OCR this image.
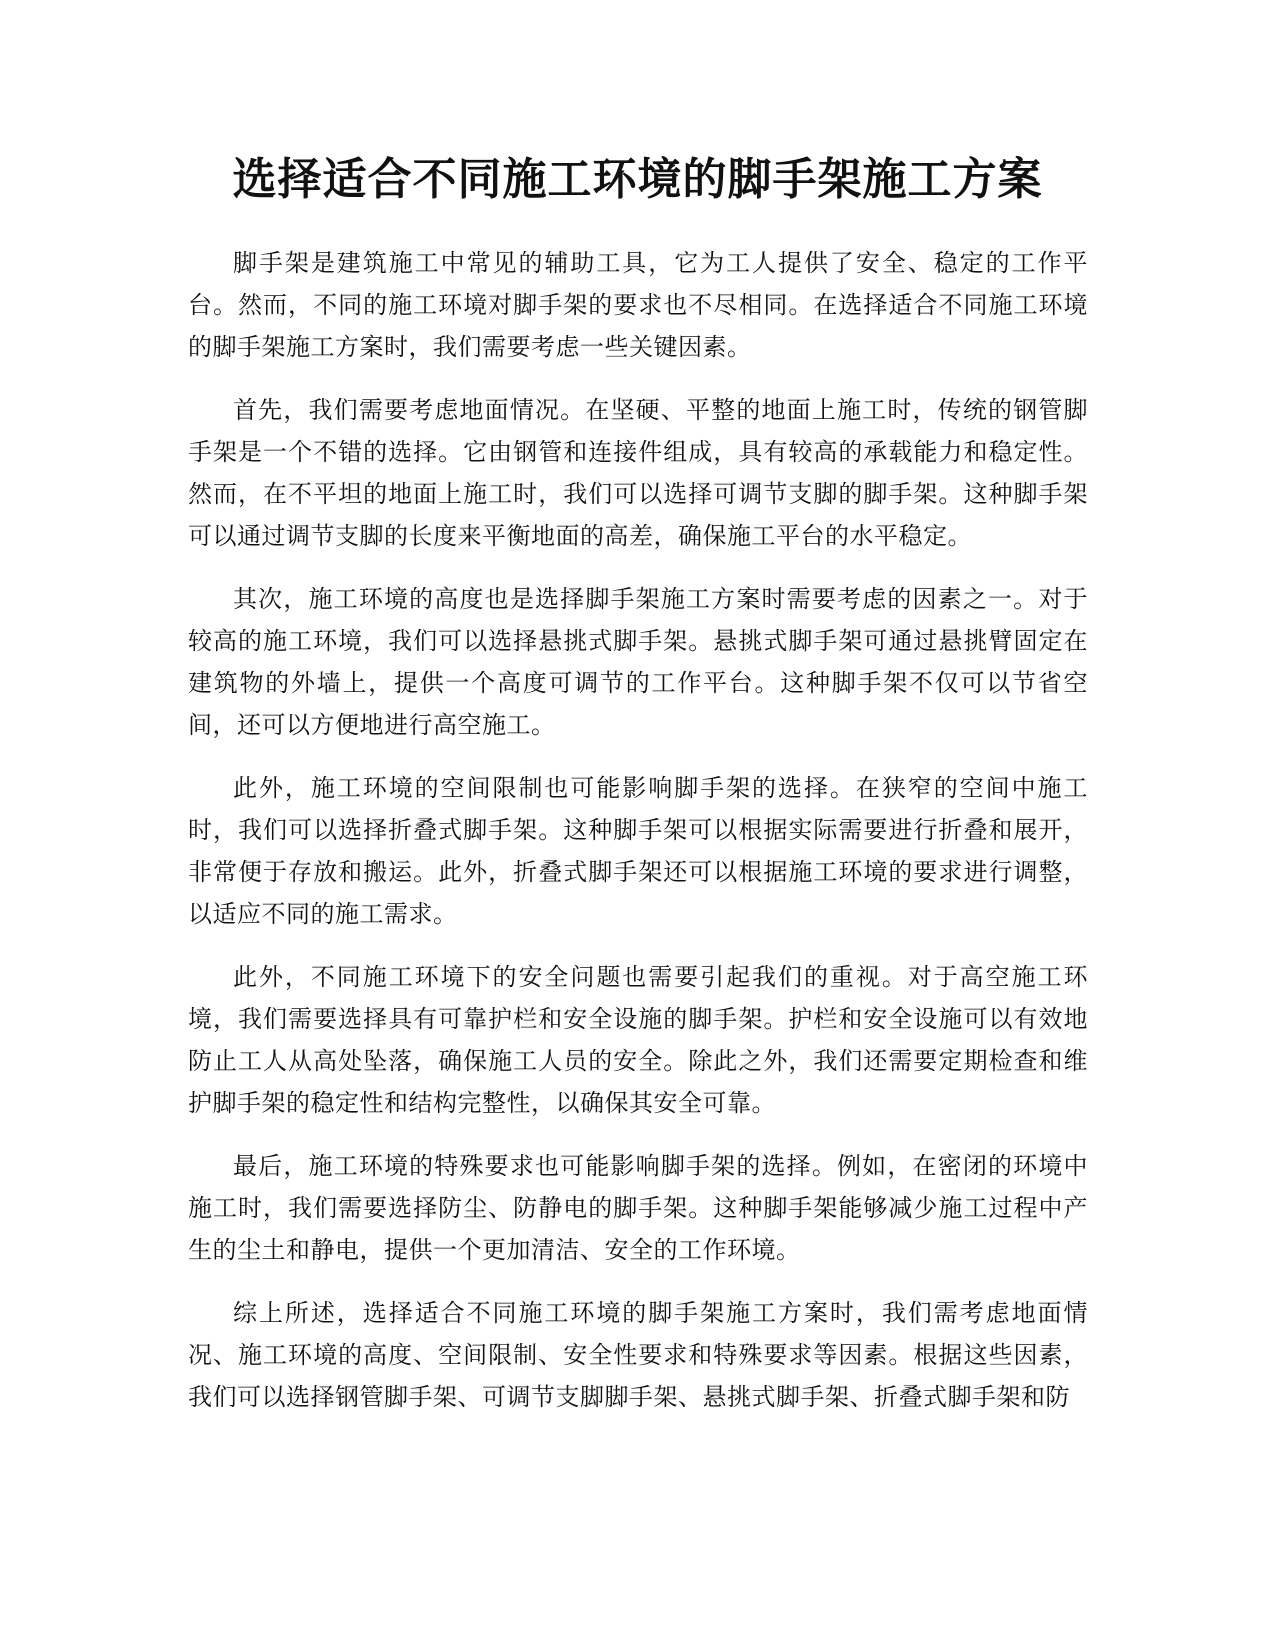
选择适合不同施工环境的脚手架施工方案

脚手架是建筑施工中常见的辅助工具，它为工人提供了安全、稳定的工作平台。然而，不同的施工环境对脚手架的要求也不尽相同。在选择适合不同施工环境的脚手架施工方案时，我们需要考虑一些关键因素。

首先，我们需要考虑地面情况。在坚硬、平整的地面上施工时，传统的钢管脚手架是一个不错的选择。它由钢管和连接件组成，具有较高的承载能力和稳定性。然而，在不平坦的地面上施工时，我们可以选择可调节支脚的脚手架。这种脚手架可以通过调节支脚的长度来平衡地面的高差，确保施工平台的水平稳定。

其次，施工环境的高度也是选择脚手架施工方案时需要考虑的因素之一。对于较高的施工环境，我们可以选择悬挑式脚手架。悬挑式脚手架可通过悬挑臂固定在建筑物的外墙上，提供一个高度可调节的工作平台。这种脚手架不仅可以节省空间，还可以方便地进行高空施工。

此外，施工环境的空间限制也可能影响脚手架的选择。在狭窄的空间中施工时，我们可以选择折叠式脚手架。这种脚手架可以根据实际需要进行折叠和展开，非常便于存放和搬运。此外，折叠式脚手架还可以根据施工环境的要求进行调整，以适应不同的施工需求。

此外，不同施工环境下的安全问题也需要引起我们的重视。对于高空施工环境，我们需要选择具有可靠护栏和安全设施的脚手架。护栏和安全设施可以有效地防止工人从高处坠落，确保施工人员的安全。除此之外，我们还需要定期检查和维护脚手架的稳定性和结构完整性，以确保其安全可靠。

最后，施工环境的特殊要求也可能影响脚手架的选择。例如，在密闭的环境中施工时，我们需要选择防尘、防静电的脚手架。这种脚手架能够减少施工过程中产生的尘土和静电，提供一个更加清洁、安全的工作环境。

综上所述，选择适合不同施工环境的脚手架施工方案时，我们需考虑地面情况、施工环境的高度、空间限制、安全性要求和特殊要求等因素。根据这些因素，我们可以选择钢管脚手架、可调节支脚脚手架、悬挑式脚手架、折叠式脚手架和防
